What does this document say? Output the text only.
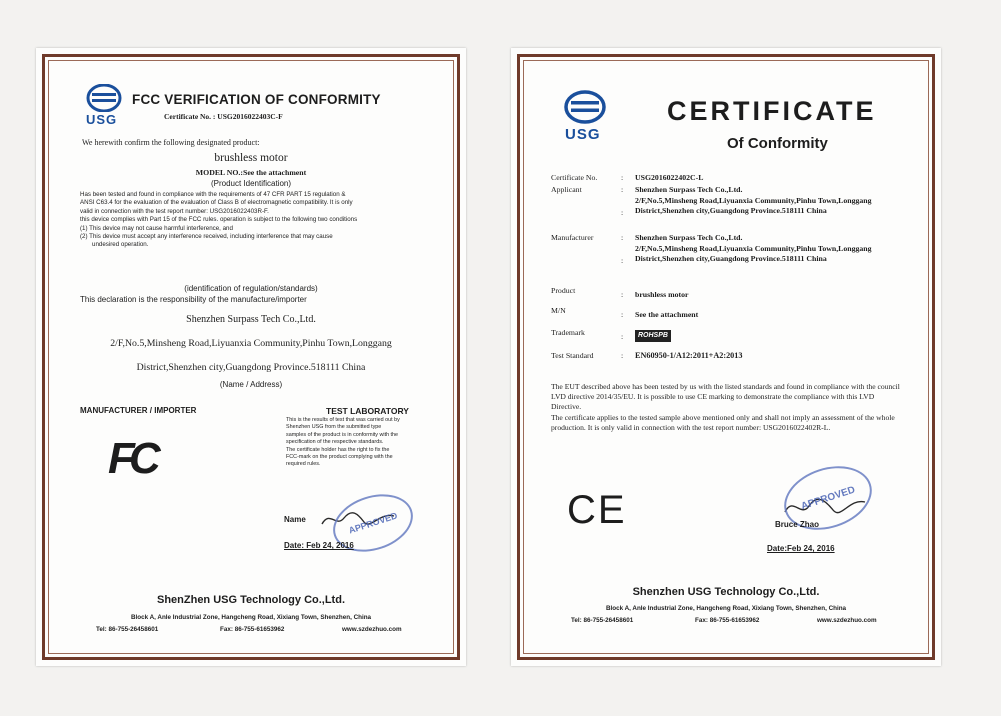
USG
FCC VERIFICATION OF CONFORMITY
Certificate No. : USG2016022403C-F
We herewith confirm the following designated product:
brushless motor
MODEL NO.:See the attachment
(Product Identification)
Has been tested and found in compliance with the requirements of 47 CFR PART 15 regulation &
ANSI C63.4 for the evaluation of the evaluation of Class B of electromagnetic compatibility. It is only
valid in connection with the test report number: USG2016022403R-F.
this device complies with Part 15 of the FCC rules. operation is subject to the following two conditions
(1) This device may not cause harmful interference, and
(2) This device must accept any interference received, including interference that may cause
undesired operation.
(identification of regulation/standards)
This declaration is the responsibility of the manufacture/importer
Shenzhen Surpass Tech Co.,Ltd.
2/F,No.5,Minsheng Road,Liyuanxia Community,Pinhu Town,Longgang
District,Shenzhen city,Guangdong Province.518111 China
(Name / Address)
MANUFACTURER / IMPORTER
FC
TEST LABORATORY
This is the results of test that was carried out by
Shenzhen USG from the submitted type
samples of the product is in conformity with the
specification of the respective standards.
The certificate holder has the right to fix the
FCC-mark on the product complying with the
required rules.
Name	APPROVED
Date: Feb 24, 2016
ShenZhen USG Technology Co.,Ltd.
Block A, Anle Industrial Zone, Hangcheng Road, Xixiang Town, Shenzhen, China
Tel: 86-755-26458601	Fax: 86-755-61653962	www.szdezhuo.com
USG
CERTIFICATE
Of Conformity
Certificate No.	: USG2016022402C-L
Applicant	: Shenzhen Surpass Tech Co.,Ltd.
:
2/F,No.5,Minsheng Road,Liyuanxia Community,Pinhu Town,Longgang District,Shenzhen city,Guangdong Province.518111 China
Manufacturer	: Shenzhen Surpass Tech Co.,Ltd.
:
2/F,No.5,Minsheng Road,Liyuanxia Community,Pinhu Town,Longgang District,Shenzhen city,Guangdong Province.518111 China
Product	: brushless motor
M/N	: See the attachment
Trademark	:	ROHSPB
Test Standard	: EN60950-1/A12:2011+A2:2013
The EUT described above has been tested by us with the listed standards and found in compliance with the council LVD directive 2014/35/EU. It is possible to use CE marking to demonstrate the compliance with this LVD Directive.
The certificate applies to the tested sample above mentioned only and shall not imply an assessment of the whole production. It is only valid in connection with the test report number: USG2016022402R-L.
CE	APPROVED
Bruce Zhao
Date:Feb 24, 2016
Shenzhen USG Technology Co.,Ltd.
Block A, Anle Industrial Zone, Hangcheng Road, Xixiang Town, Shenzhen, China
Tel: 86-755-26458601	Fax: 86-755-61653962	www.szdezhuo.com
